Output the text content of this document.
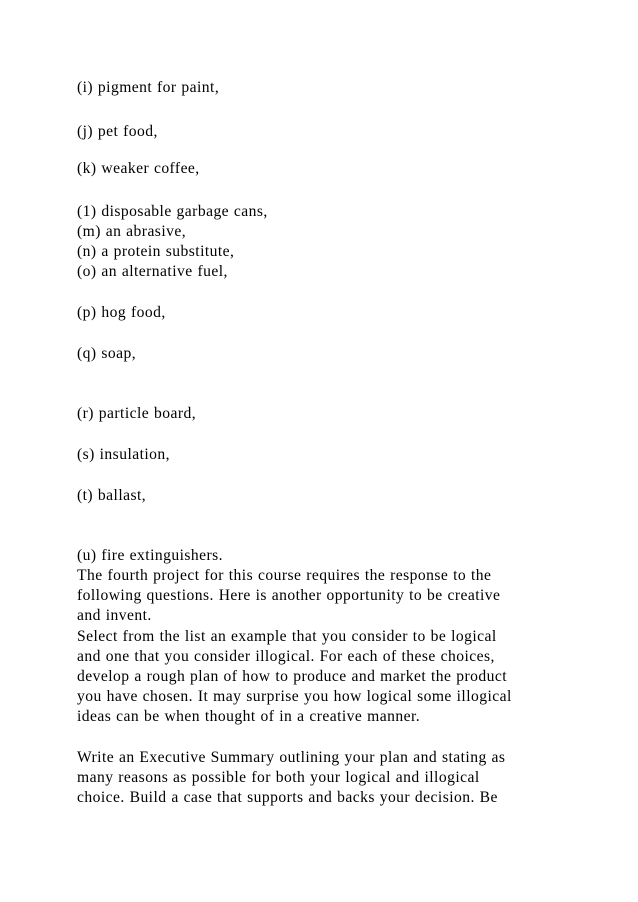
(i) pigment for paint,
(j) pet food,
(k) weaker coffee,
(1) disposable garbage cans,
(m) an abrasive,
(n) a protein substitute,
(o) an alternative fuel,
(p) hog food,
(q) soap,
(r) particle board,
(s) insulation,
(t) ballast,
(u) fire extinguishers.
The fourth project for this course requires the response to the
following questions. Here is another opportunity to be creative
and invent.
Select from the list an example that you consider to be logical
and one that you consider illogical. For each of these choices,
develop a rough plan of how to produce and market the product
you have chosen. It may surprise you how logical some illogical
ideas can be when thought of in a creative manner.
Write an Executive Summary outlining your plan and stating as
many reasons as possible for both your logical and illogical
choice. Build a case that supports and backs your decision. Be
